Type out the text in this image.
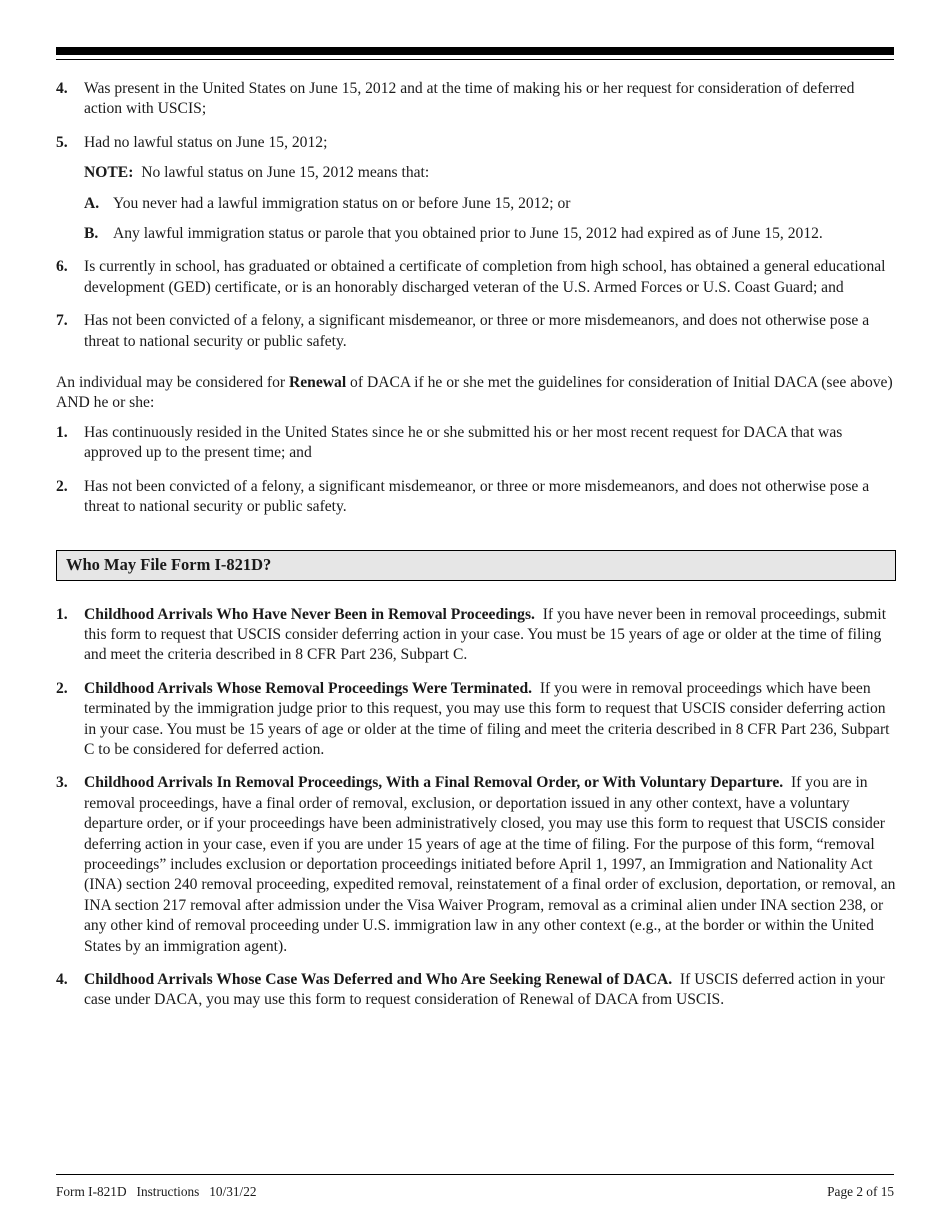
4. Was present in the United States on June 15, 2012 and at the time of making his or her request for consideration of deferred action with USCIS;
5. Had no lawful status on June 15, 2012;
NOTE: No lawful status on June 15, 2012 means that:
A. You never had a lawful immigration status on or before June 15, 2012; or
B. Any lawful immigration status or parole that you obtained prior to June 15, 2012 had expired as of June 15, 2012.
6. Is currently in school, has graduated or obtained a certificate of completion from high school, has obtained a general educational development (GED) certificate, or is an honorably discharged veteran of the U.S. Armed Forces or U.S. Coast Guard; and
7. Has not been convicted of a felony, a significant misdemeanor, or three or more misdemeanors, and does not otherwise pose a threat to national security or public safety.
An individual may be considered for Renewal of DACA if he or she met the guidelines for consideration of Initial DACA (see above) AND he or she:
1. Has continuously resided in the United States since he or she submitted his or her most recent request for DACA that was approved up to the present time; and
2. Has not been convicted of a felony, a significant misdemeanor, or three or more misdemeanors, and does not otherwise pose a threat to national security or public safety.
Who May File Form I-821D?
1. Childhood Arrivals Who Have Never Been in Removal Proceedings. If you have never been in removal proceedings, submit this form to request that USCIS consider deferring action in your case. You must be 15 years of age or older at the time of filing and meet the criteria described in 8 CFR Part 236, Subpart C.
2. Childhood Arrivals Whose Removal Proceedings Were Terminated. If you were in removal proceedings which have been terminated by the immigration judge prior to this request, you may use this form to request that USCIS consider deferring action in your case. You must be 15 years of age or older at the time of filing and meet the criteria described in 8 CFR Part 236, Subpart C to be considered for deferred action.
3. Childhood Arrivals In Removal Proceedings, With a Final Removal Order, or With Voluntary Departure. If you are in removal proceedings, have a final order of removal, exclusion, or deportation issued in any other context, have a voluntary departure order, or if your proceedings have been administratively closed, you may use this form to request that USCIS consider deferring action in your case, even if you are under 15 years of age at the time of filing. For the purpose of this form, “removal proceedings” includes exclusion or deportation proceedings initiated before April 1, 1997, an Immigration and Nationality Act (INA) section 240 removal proceeding, expedited removal, reinstatement of a final order of exclusion, deportation, or removal, an INA section 217 removal after admission under the Visa Waiver Program, removal as a criminal alien under INA section 238, or any other kind of removal proceeding under U.S. immigration law in any other context (e.g., at the border or within the United States by an immigration agent).
4. Childhood Arrivals Whose Case Was Deferred and Who Are Seeking Renewal of DACA. If USCIS deferred action in your case under DACA, you may use this form to request consideration of Renewal of DACA from USCIS.
Form I-821D   Instructions   10/31/22	Page 2 of 15
